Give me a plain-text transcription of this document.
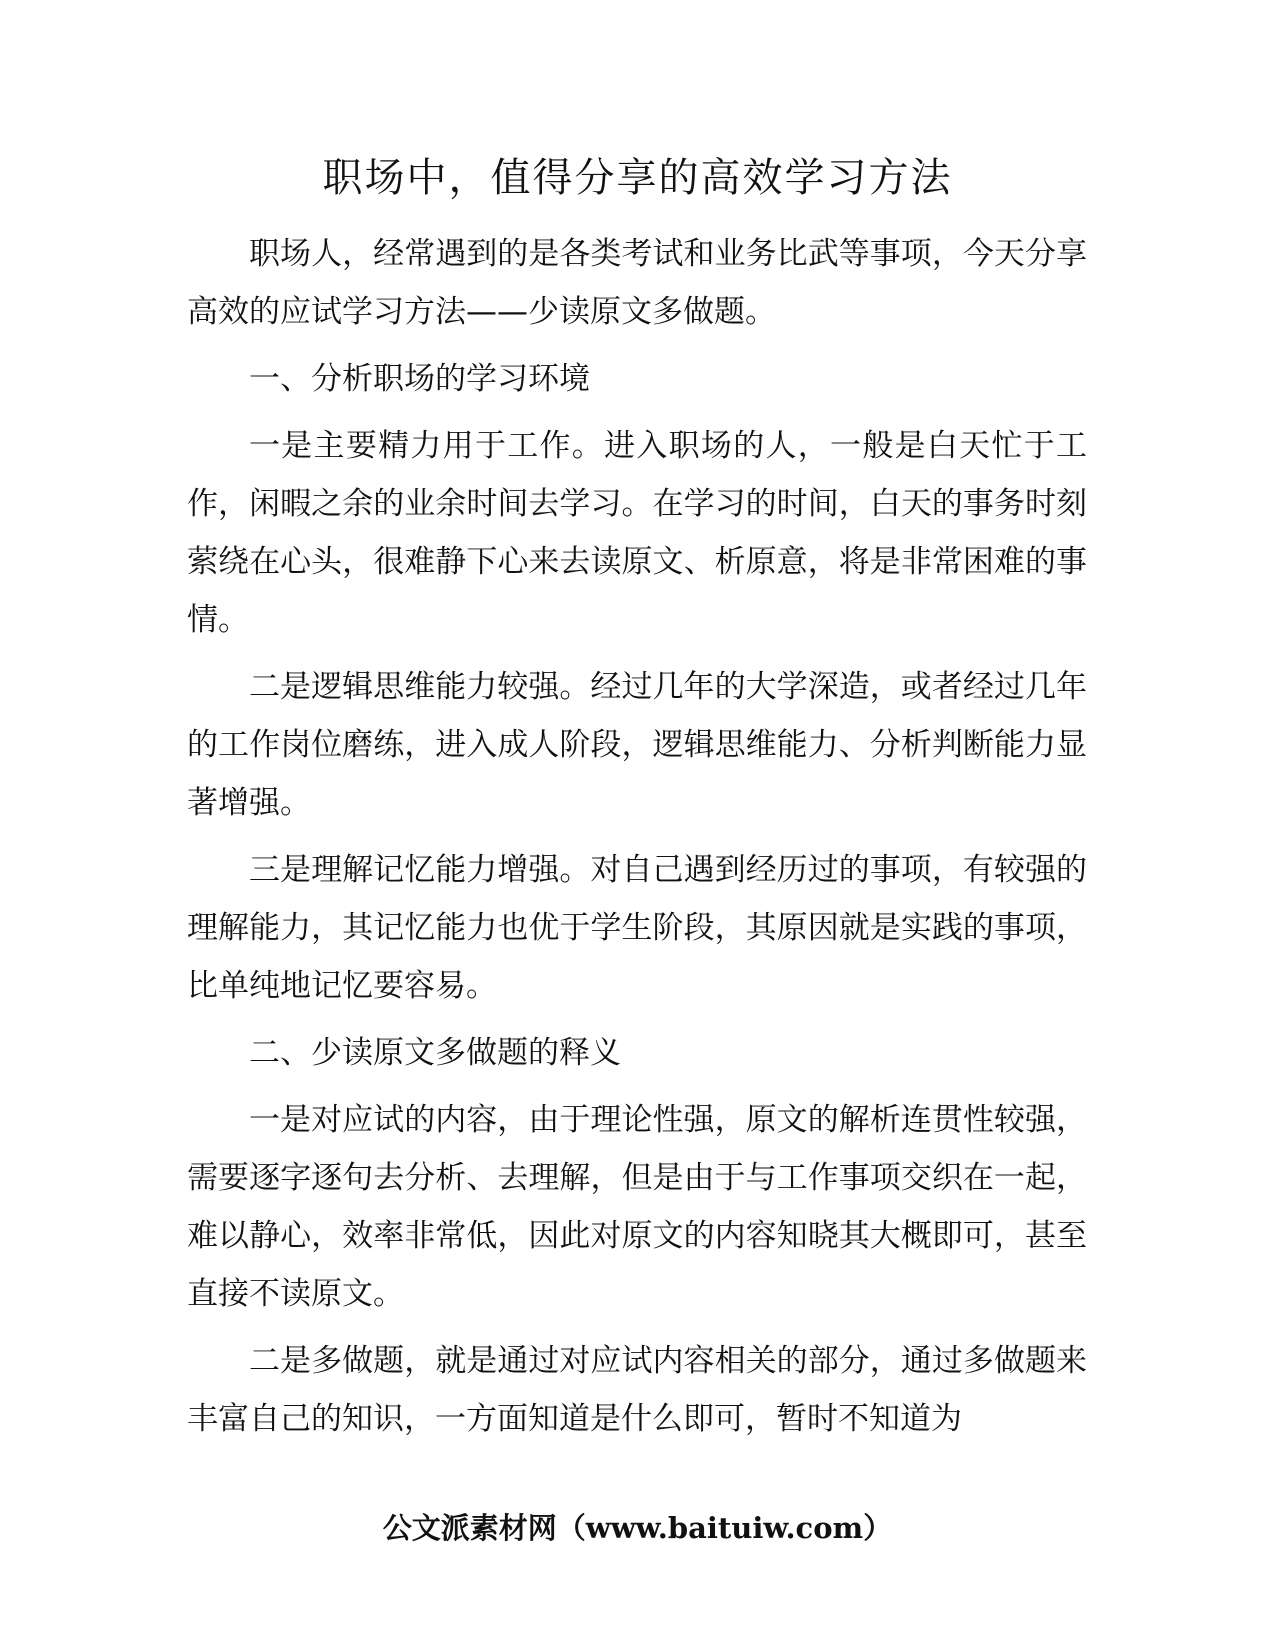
职场中，值得分享的高效学习方法

职场人，经常遇到的是各类考试和业务比武等事项，今天分享高效的应试学习方法——少读原文多做题。

一、分析职场的学习环境

一是主要精力用于工作。进入职场的人，一般是白天忙于工作，闲暇之余的业余时间去学习。在学习的时间，白天的事务时刻萦绕在心头，很难静下心来去读原文、析原意，将是非常困难的事情。

二是逻辑思维能力较强。经过几年的大学深造，或者经过几年的工作岗位磨练，进入成人阶段，逻辑思维能力、分析判断能力显著增强。

三是理解记忆能力增强。对自己遇到经历过的事项，有较强的理解能力，其记忆能力也优于学生阶段，其原因就是实践的事项，比单纯地记忆要容易。

二、少读原文多做题的释义

一是对应试的内容，由于理论性强，原文的解析连贯性较强，需要逐字逐句去分析、去理解，但是由于与工作事项交织在一起，难以静心，效率非常低，因此对原文的内容知晓其大概即可，甚至直接不读原文。

二是多做题，就是通过对应试内容相关的部分，通过多做题来丰富自己的知识，一方面知道是什么即可，暂时不知道为

公文派素材网（www.baituiw.com）
